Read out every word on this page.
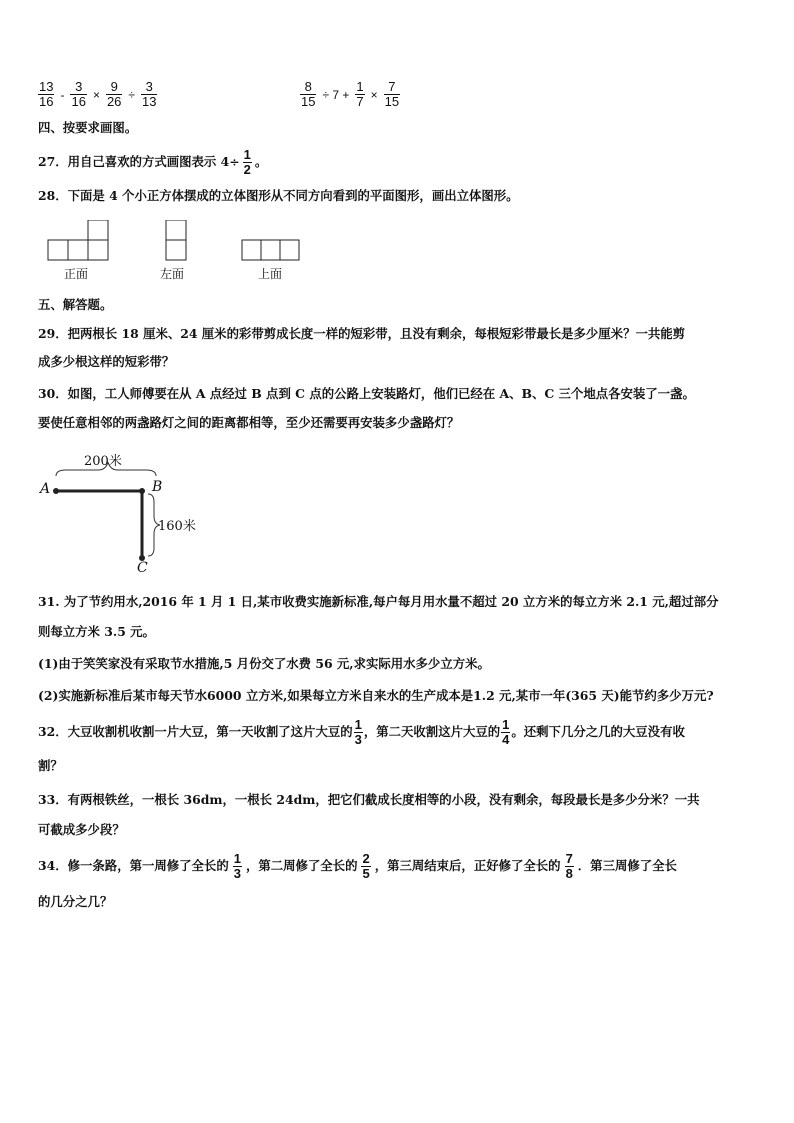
$\frac{13}{16} - \frac{3}{16} \times \frac{9}{26} \div \frac{3}{13}$	$\frac{8}{15} \div 7 + \frac{1}{7} \times \frac{7}{15}$
四、按要求画图。
27．用自己喜欢的方式画图表示 $4\div \frac{1}{2}$ 。
28．下面是 4 个小正方体摆成的立体图形从不同方向看到的平面图形，画出立体图形。
正面	左面	上面
五、解答题。
29．把两根长 18 厘米、24 厘米的彩带剪成长度一样的短彩带，且没有剩余，每根短彩带最长是多少厘米？一共能剪
成多少根这样的短彩带？
30．如图，工人师傅要在从 A 点经过 B 点到 C 点的公路上安装路灯，他们已经在 A、B、C 三个地点各安装了一盏。
要使任意相邻的两盏路灯之间的距离都相等，至少还需要再安装多少盏路灯？
200米
A	B
160米
C
31. 为了节约用水,2016 年 1 月 1 日,某市收费实施新标准,每户每月用水量不超过 20 立方米的每立方米 2.1 元,超过部分
则每立方米 3.5 元。
(1)由于笑笑家没有采取节水措施,5 月份交了水费 56 元,求实际用水多少立方米。
(2)实施新标准后某市每天节水6000 立方米,如果每立方米自来水的生产成本是1.2 元,某市一年(365 天)能节约多少万元?
32．大豆收割机收割一片大豆，第一天收割了这片大豆的 $\frac{1}{3}$ ，第二天收割这片大豆的 $\frac{1}{4}$ 。还剩下几分之几的大豆没有收
割？
33．有两根铁丝，一根长 36dm，一根长 24dm，把它们截成长度相等的小段，没有剩余，每段最长是多少分米？一共
可截成多少段？
34．修一条路，第一周修了全长的 $\frac{1}{3}$ ，第二周修了全长的 $\frac{2}{5}$ ，第三周结束后，正好修了全长的 $\frac{7}{8}$ ．第三周修了全长
的几分之几？
